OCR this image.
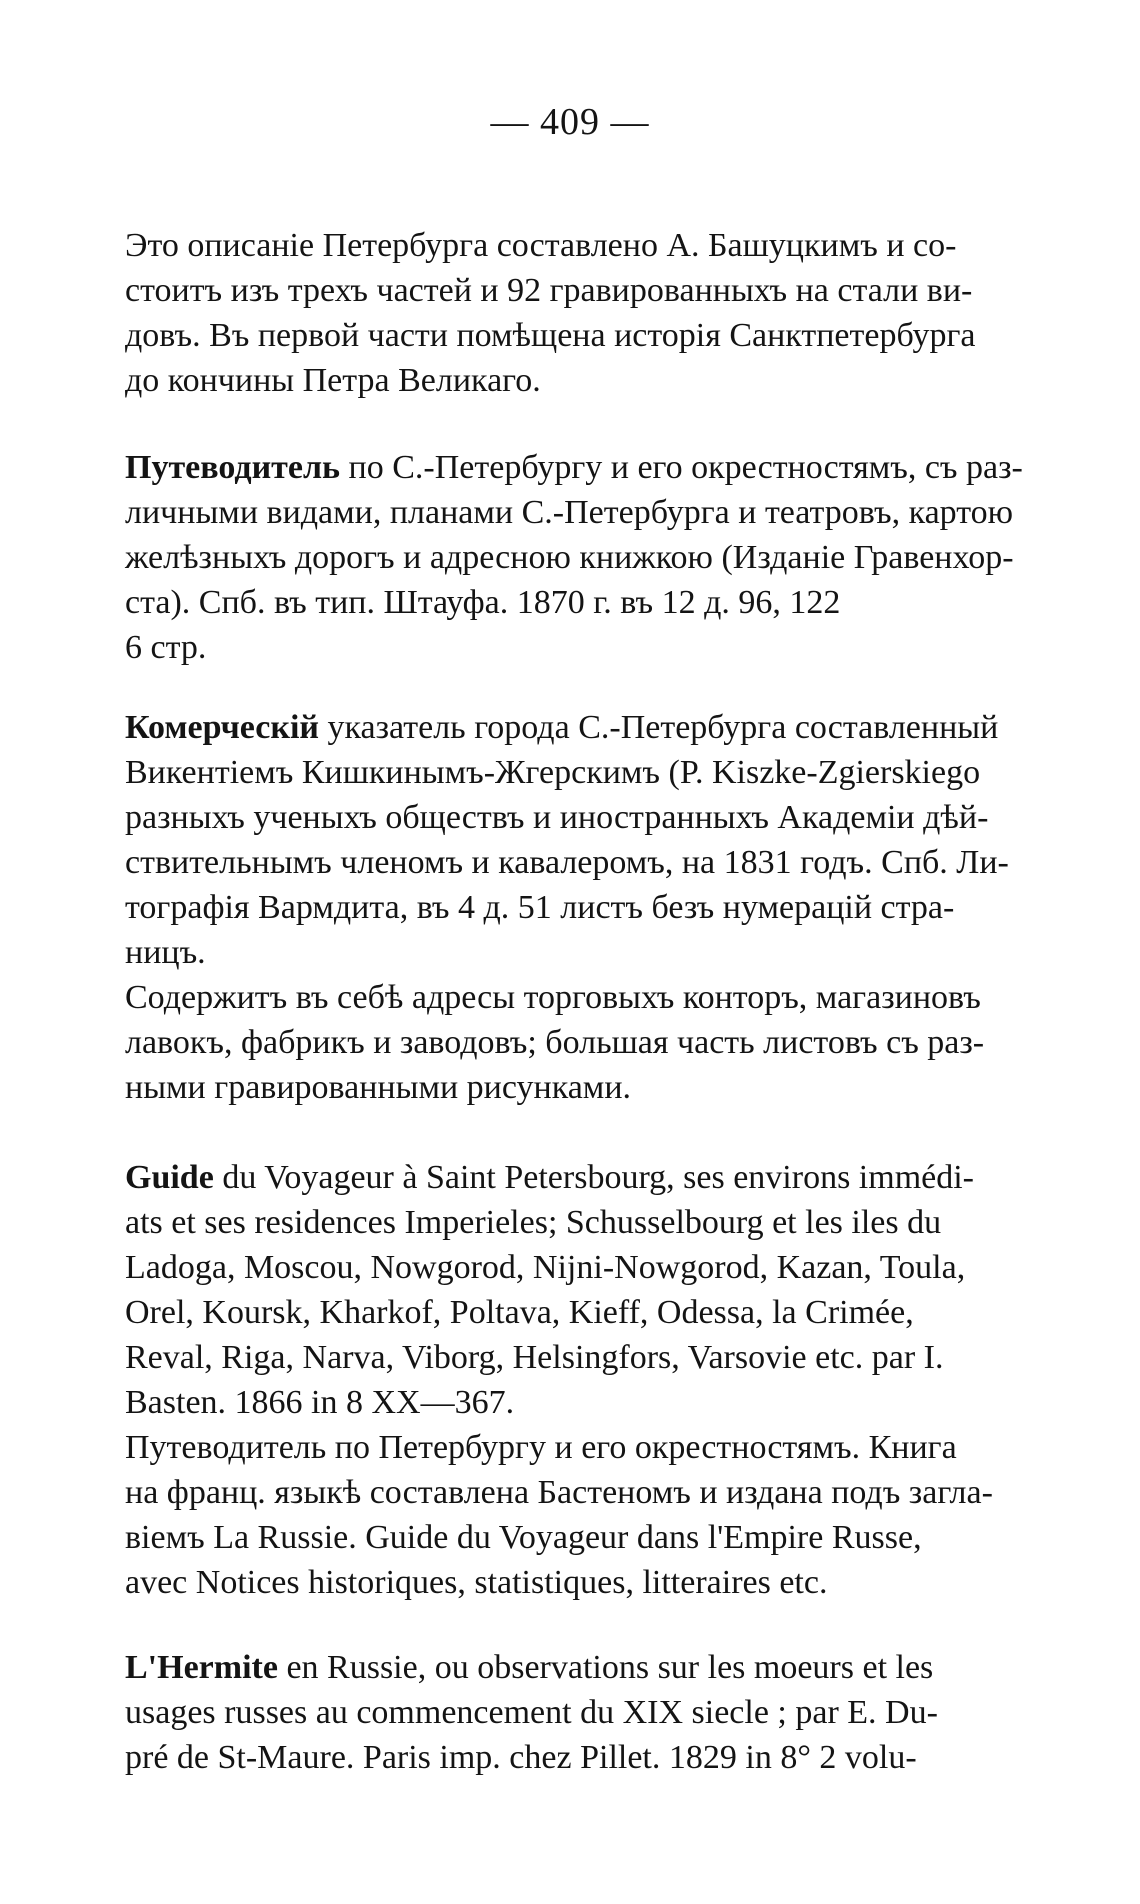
— 409 —

Это описаніе Петербурга составлено А. Башуцкимъ и со-
стоитъ изъ трехъ частей и 92 гравированныхъ на стали ви-
довъ. Въ первой части помѣщена исторія Санктпетербурга
до кончины Петра Великаго.

Путеводитель по С.-Петербургу и его окрестностямъ, съ раз-
личными видами, планами С.-Петербурга и театровъ, картою
желѣзныхъ дорогъ и адресною книжкою (Изданіе Гравенхор-
ста). Спб. въ тип. Штауфа. 1870 г. въ 12 д. 96, 122
6 стр.

Комерческій указатель города С.-Петербурга составленный
Викентіемъ Кишкинымъ-Жгерскимъ (P. Kiszke-Zgierskiego
разныхъ ученыхъ обществъ и иностранныхъ Академіи дѣй-
ствительнымъ членомъ и кавалеромъ, на 1831 годъ. Спб. Ли-
тографія Вармдита, въ 4 д. 51 листъ безъ нумерацій стра-
ницъ.

Содержитъ въ себѣ адресы торговыхъ конторъ, магазиновъ
лавокъ, фабрикъ и заводовъ; большая часть листовъ съ раз-
ными гравированными рисунками.

Guide du Voyageur à Saint Petersbourg, ses environs immédi-
ats et ses residences Imperieles; Schusselbourg et les iles du
Ladoga, Moscou, Nowgorod, Nijni-Nowgorod, Kazan, Toula,
Orel, Koursk, Kharkof, Poltava, Kieff, Odessa, la Crimée,
Reval, Riga, Narva, Viborg, Helsingfors, Varsovie etc. par I.
Basten. 1866 in 8 XX—367.

Путеводитель по Петербургу и его окрестностямъ. Книга
на франц. языкѣ составлена Бастеномъ и издана подъ загла-
віемъ La Russie. Guide du Voyageur dans l'Empire Russe,
avec Notices historiques, statistiques, litteraires etc.

L'Hermite en Russie, ou observations sur les moeurs et les
usages russes au commencement du XIX siecle ; par E. Du-
pré de St-Maure. Paris imp. chez Pillet. 1829 in 8° 2 volu-
